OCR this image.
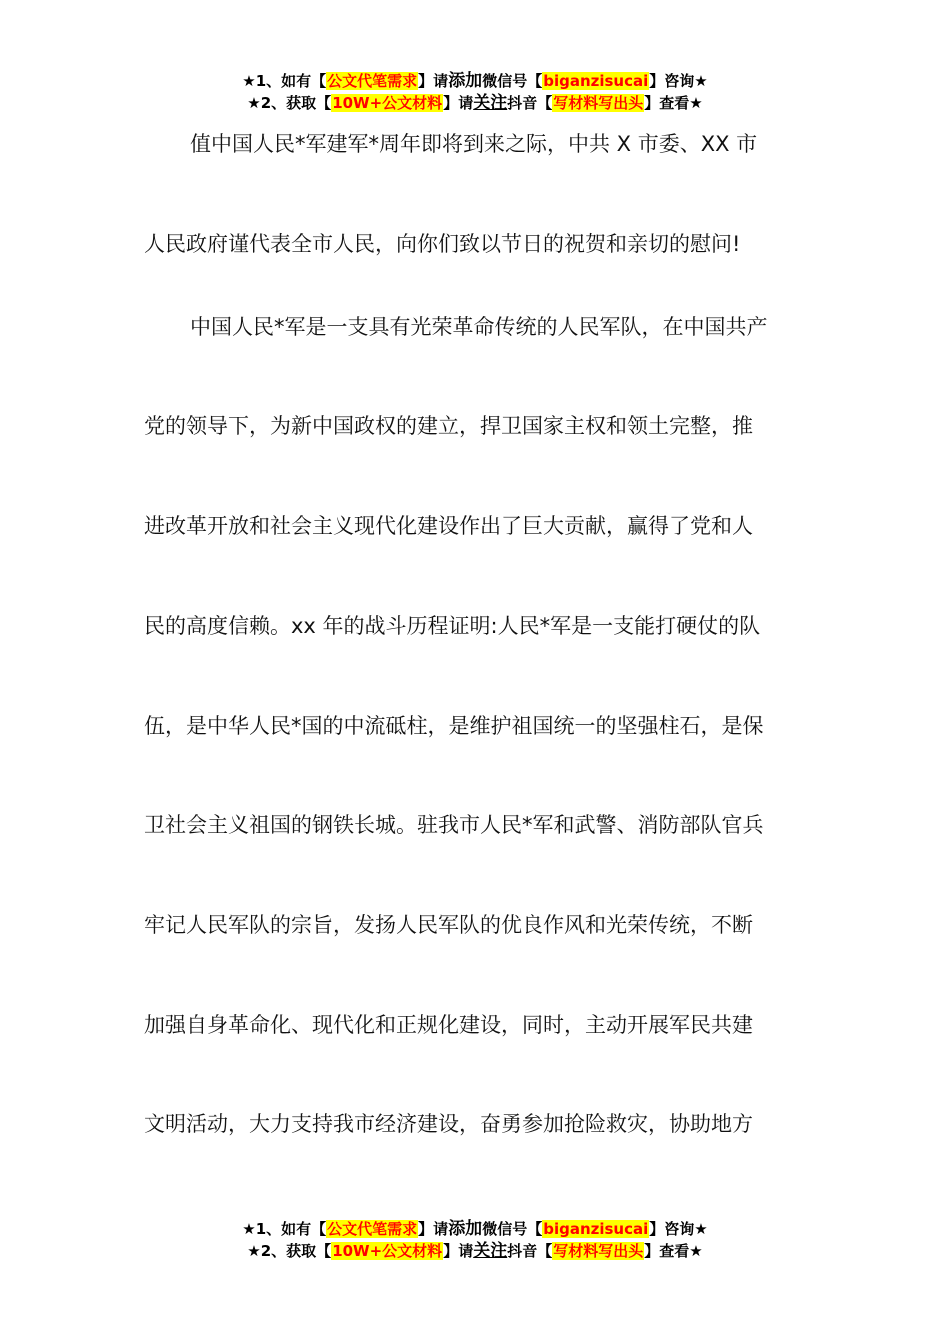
★1、如有【公文代笔需求】请添加微信号【biganzisucai】咨询★
★2、获取【10W+公文材料】请关注抖音【写材料写出头】查看★
值中国人民*军建军*周年即将到来之际，中共 X 市委、XX 市
人民政府谨代表全市人民，向你们致以节日的祝贺和亲切的慰问!
中国人民*军是一支具有光荣革命传统的人民军队，在中国共产
党的领导下，为新中国政权的建立，捍卫国家主权和领土完整，推
进改革开放和社会主义现代化建设作出了巨大贡献，赢得了党和人
民的高度信赖。xx 年的战斗历程证明:人民*军是一支能打硬仗的队
伍，是中华人民*国的中流砥柱，是维护祖国统一的坚强柱石，是保
卫社会主义祖国的钢铁长城。驻我市人民*军和武警、消防部队官兵
牢记人民军队的宗旨，发扬人民军队的优良作风和光荣传统，不断
加强自身革命化、现代化和正规化建设，同时，主动开展军民共建
文明活动，大力支持我市经济建设，奋勇参加抢险救灾，协助地方
★1、如有【公文代笔需求】请添加微信号【biganzisucai】咨询★
★2、获取【10W+公文材料】请关注抖音【写材料写出头】查看★
